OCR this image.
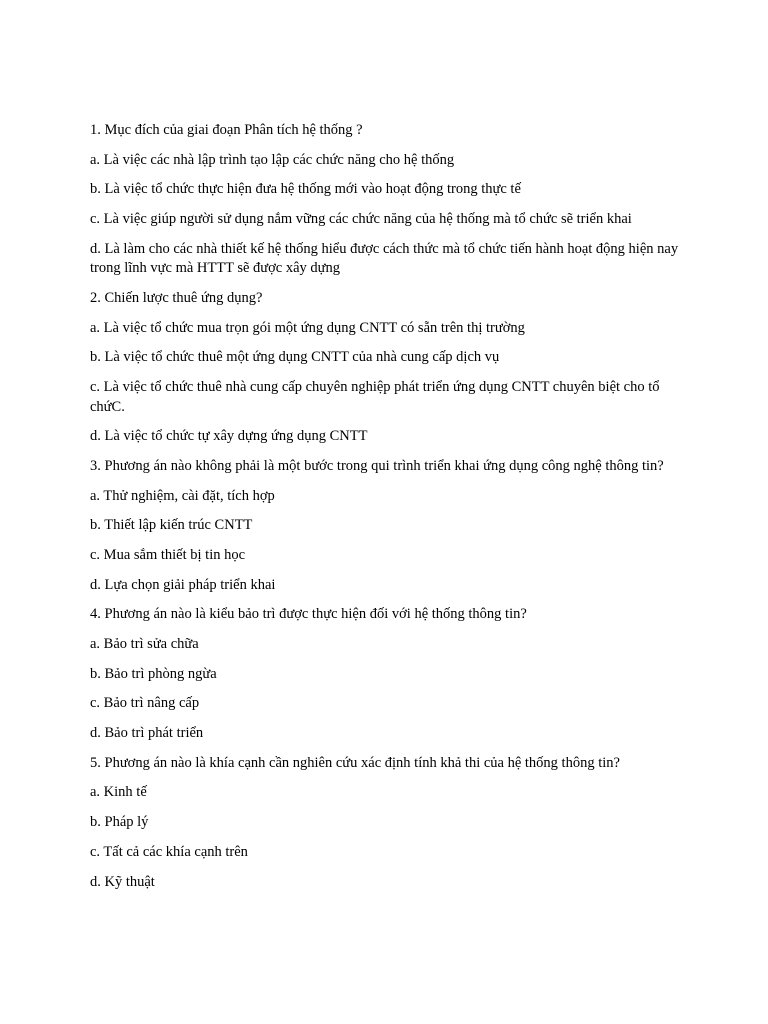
1. Mục đích của giai đoạn Phân tích hệ thống ?

a. Là việc các nhà lập trình tạo lập các chức năng cho hệ thống

b. Là việc tổ chức thực hiện đưa hệ thống mới vào hoạt động trong thực tế

c. Là việc giúp người sử dụng nắm vững các chức năng của hệ thống mà tổ chức sẽ triển khai

d. Là làm cho các nhà thiết kế hệ thống hiểu được cách thức mà tổ chức tiến hành hoạt động hiện nay trong lĩnh vực mà HTTT sẽ được xây dựng

2. Chiến lược thuê ứng dụng?

a. Là việc tổ chức mua trọn gói một ứng dụng CNTT có sẵn trên thị trường

b. Là việc tổ chức thuê một ứng dụng CNTT của nhà cung cấp dịch vụ

c. Là việc tổ chức thuê nhà cung cấp chuyên nghiệp phát triển ứng dụng CNTT chuyên biệt cho tổ chứC.

d. Là việc tổ chức tự xây dựng ứng dụng CNTT

3. Phương án nào không phải là một bước trong qui trình triển khai ứng dụng công nghệ thông tin?

a. Thử nghiệm, cài đặt, tích hợp

b. Thiết lập kiến trúc CNTT

c. Mua sắm thiết bị tin học

d. Lựa chọn giải pháp triển khai

4. Phương án nào là kiểu bảo trì được thực hiện đối với hệ thống thông tin?

a. Bảo trì sửa chữa

b. Bảo trì phòng ngừa

c. Bảo trì nâng cấp

d. Bảo trì phát triển

5. Phương án nào là khía cạnh cần nghiên cứu xác định tính khả thi của hệ thống thông tin?

a. Kinh tế

b. Pháp lý

c. Tất cả các khía cạnh trên

d. Kỹ thuật
